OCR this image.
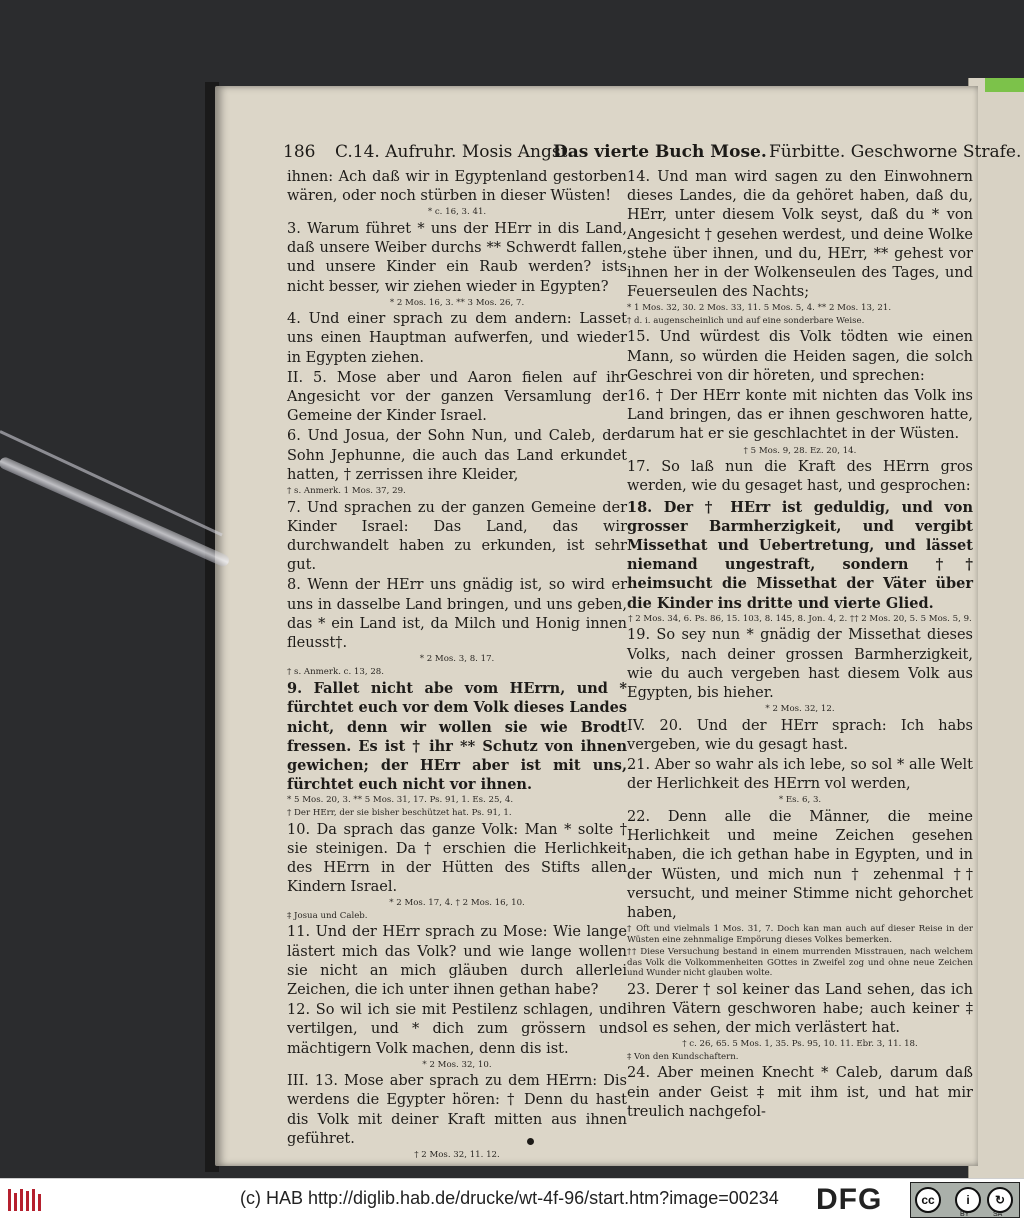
186 C.14. Aufruhr. Mosis Angst.
Das vierte Buch Mose. Fürbitte. Geschworne Strafe.

ihnen: Ach daß wir in Egyptenland gestorben wären, oder noch stürben in dieser Wüsten!

* c. 16, 3. 41.

3. Warum führet * uns der HErr in dis Land, daß unsere Weiber durchs ** Schwerdt fallen, und unsere Kinder ein Raub werden? ists nicht besser, wir ziehen wieder in Egypten?

* 2 Mos. 16, 3. ** 3 Mos. 26, 7.

4. Und einer sprach zu dem andern: Lasset uns einen Hauptman aufwerfen, und wieder in Egypten ziehen.

II. 5. Mose aber und Aaron fielen auf ihr Angesicht vor der ganzen Versamlung der Gemeine der Kinder Israel.

6. Und Josua, der Sohn Nun, und Caleb, der Sohn Jephunne, die auch das Land erkundet hatten, † zerrissen ihre Kleider,

† s. Anmerk. 1 Mos. 37, 29.

7. Und sprachen zu der ganzen Gemeine der Kinder Israel: Das Land, das wir durchwandelt haben zu erkunden, ist sehr gut.

8. Wenn der HErr uns gnädig ist, so wird er uns in dasselbe Land bringen, und uns geben, das * ein Land ist, da Milch und Honig innen fleusst†.

* 2 Mos. 3, 8. 17.

† s. Anmerk. c. 13, 28.

9. Fallet nicht abe vom HErrn, und * fürchtet euch vor dem Volk dieses Landes nicht, denn wir wollen sie wie Brodt fressen. Es ist † ihr ** Schutz von ihnen gewichen; der HErr aber ist mit uns, fürchtet euch nicht vor ihnen.

* 5 Mos. 20, 3. ** 5 Mos. 31, 17. Ps. 91, 1. Es. 25, 4.

† Der HErr, der sie bisher beschützet hat. Ps. 91, 1.

10. Da sprach das ganze Volk: Man * solte † sie steinigen. Da † erschien die Herlichkeit des HErrn in der Hütten des Stifts allen Kindern Israel.

* 2 Mos. 17, 4. † 2 Mos. 16, 10.

‡ Josua und Caleb.

11. Und der HErr sprach zu Mose: Wie lange lästert mich das Volk? und wie lange wollen sie nicht an mich gläuben durch allerlei Zeichen, die ich unter ihnen gethan habe?

12. So wil ich sie mit Pestilenz schlagen, und vertilgen, und * dich zum grössern und mächtigern Volk machen, denn dis ist.

* 2 Mos. 32, 10.

III. 13. Mose aber sprach zu dem HErrn: Dis werdens die Egypter hören: † Denn du hast dis Volk mit deiner Kraft mitten aus ihnen geführet.

† 2 Mos. 32, 11. 12.

14. Und man wird sagen zu den Einwohnern dieses Landes, die da gehöret haben, daß du, HErr, unter diesem Volk seyst, daß du * von Angesicht † gesehen werdest, und deine Wolke stehe über ihnen, und du, HErr, ** gehest vor ihnen her in der Wolkenseulen des Tages, und Feuerseulen des Nachts;

* 1 Mos. 32, 30. 2 Mos. 33, 11. 5 Mos. 5, 4. ** 2 Mos. 13, 21.

† d. i. augenscheinlich und auf eine sonderbare Weise.

15. Und würdest dis Volk tödten wie einen Mann, so würden die Heiden sagen, die solch Geschrei von dir höreten, und sprechen:

16. † Der HErr konte mit nichten das Volk ins Land bringen, das er ihnen geschworen hatte, darum hat er sie geschlachtet in der Wüsten.

† 5 Mos. 9, 28. Ez. 20, 14.

17. So laß nun die Kraft des HErrn gros werden, wie du gesaget hast, und gesprochen:

18. Der † HErr ist geduldig, und von grosser Barmherzigkeit, und vergibt Missethat und Uebertretung, und lässet niemand ungestraft, sondern †† heimsucht die Missethat der Väter über die Kinder ins dritte und vierte Glied.

† 2 Mos. 34, 6. Ps. 86, 15. 103, 8. 145, 8. Jon. 4, 2. †† 2 Mos. 20, 5. 5 Mos. 5, 9.

19. So sey nun * gnädig der Missethat dieses Volks, nach deiner grossen Barmherzigkeit, wie du auch vergeben hast diesem Volk aus Egypten, bis hieher.

* 2 Mos. 32, 12.

IV. 20. Und der HErr sprach: Ich habs vergeben, wie du gesagt hast.

21. Aber so wahr als ich lebe, so sol * alle Welt der Herlichkeit des HErrn vol werden,

* Es. 6, 3.

22. Denn alle die Männer, die meine Herlichkeit und meine Zeichen gesehen haben, die ich gethan habe in Egypten, und in der Wüsten, und mich nun † zehenmal †† versucht, und meiner Stimme nicht gehorchet haben,

† Oft und vielmals 1 Mos. 31, 7. Doch kan man auch auf dieser Reise in der Wüsten eine zehnmalige Empörung dieses Volkes bemerken.

†† Diese Versuchung bestand in einem murrenden Misstrauen, nach welchem das Volk die Volkommenheiten GOttes in Zweifel zog und ohne neue Zeichen und Wunder nicht glauben wolte.

23. Derer † sol keiner das Land sehen, das ich ihren Vätern geschworen habe; auch keiner ‡ sol es sehen, der mich verlästert hat.

† c. 26, 65. 5 Mos. 1, 35. Ps. 95, 10. 11. Ebr. 3, 11. 18.

‡ Von den Kundschaftern.

24. Aber meinen Knecht * Caleb, darum daß ein ander Geist ‡ mit ihm ist, und hat mir treulich nachgefol-

(c) HAB http://diglib.hab.de/drucke/wt-4f-96/start.htm?image=00234 DFG	cc	i	↻
BY	SA
